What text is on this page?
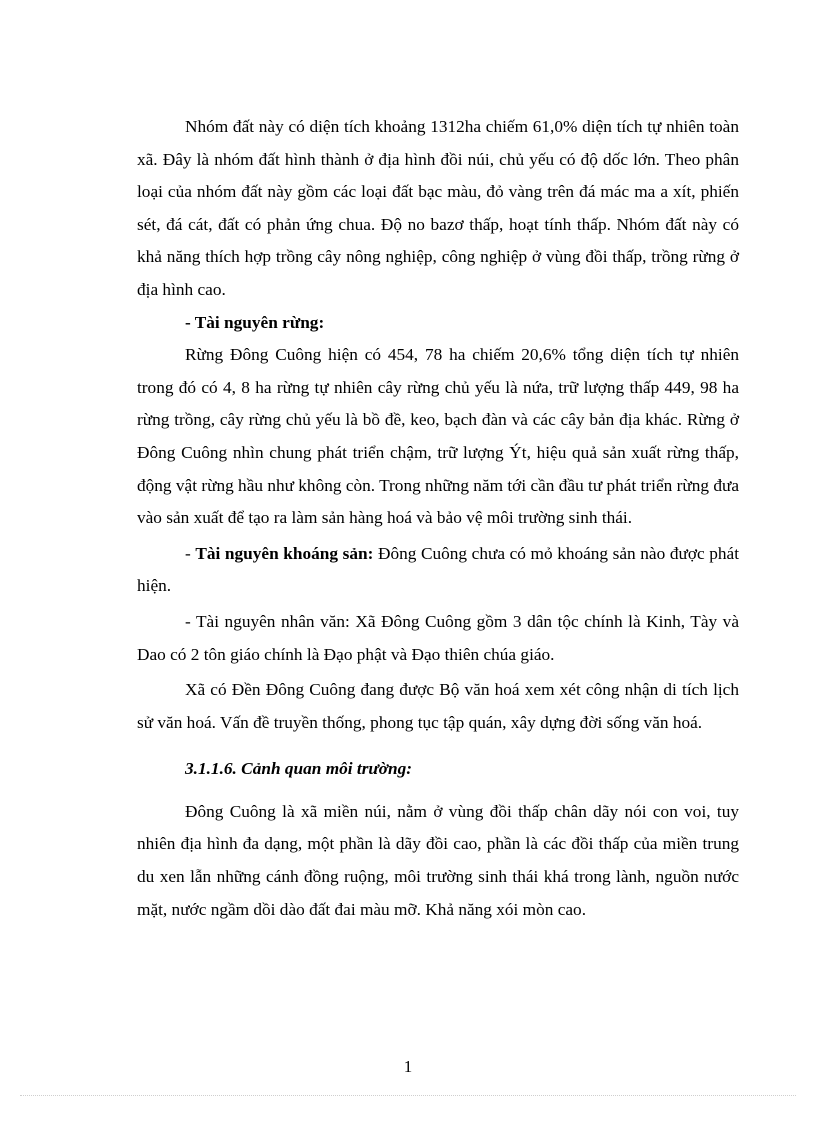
Nhóm đất này có diện tích khoảng 1312ha chiếm 61,0% diện tích tự nhiên toàn xã. Đây là nhóm đất hình thành ở địa hình đồi núi, chủ yếu có độ dốc lớn. Theo phân loại của nhóm đất này gồm các loại đất bạc màu, đỏ vàng trên đá mác ma a xít, phiến sét, đá cát, đất có phản ứng chua. Độ no bazơ thấp, hoạt tính thấp. Nhóm đất này có khả năng thích hợp trồng cây nông nghiệp, công nghiệp ở vùng đồi thấp, trồng rừng ở địa hình cao.

- Tài nguyên rừng:

Rừng Đông Cuông hiện có 454, 78 ha chiếm 20,6% tổng diện tích tự nhiên trong đó có 4, 8 ha rừng tự nhiên cây rừng chủ yếu là nứa, trữ lượng thấp 449, 98 ha rừng trồng, cây rừng chủ yếu là bồ đề, keo, bạch đàn và các cây bản địa khác. Rừng ở Đông Cuông nhìn chung phát triển chậm, trữ lượng Ýt, hiệu quả sản xuất rừng thấp, động vật rừng hầu như không còn. Trong những năm tới cần đầu tư phát triển rừng đưa vào sản xuất để tạo ra làm sản hàng hoá và bảo vệ môi trường sinh thái.

- Tài nguyên khoáng sản: Đông Cuông chưa có mỏ khoáng sản nào được phát hiện.

- Tài nguyên nhân văn: Xã Đông Cuông gồm 3 dân tộc chính là Kinh, Tày và Dao có 2 tôn giáo chính là Đạo phật và Đạo thiên chúa giáo.

Xã có Đền Đông Cuông đang được Bộ văn hoá xem xét công nhận di tích lịch sử văn hoá. Vấn đề truyền thống, phong tục tập quán, xây dựng đời sống văn hoá.

3.1.1.6. Cảnh quan môi trường:

Đông Cuông là xã miền núi, nằm ở vùng đồi thấp chân dãy nói con voi, tuy nhiên địa hình đa dạng, một phần là dãy đồi cao, phần là các đồi thấp của miền trung du xen lẫn những cánh đồng ruộng, môi trường sinh thái khá trong lành, nguồn nước mặt, nước ngầm dồi dào đất đai màu mỡ. Khả năng xói mòn cao.

1
